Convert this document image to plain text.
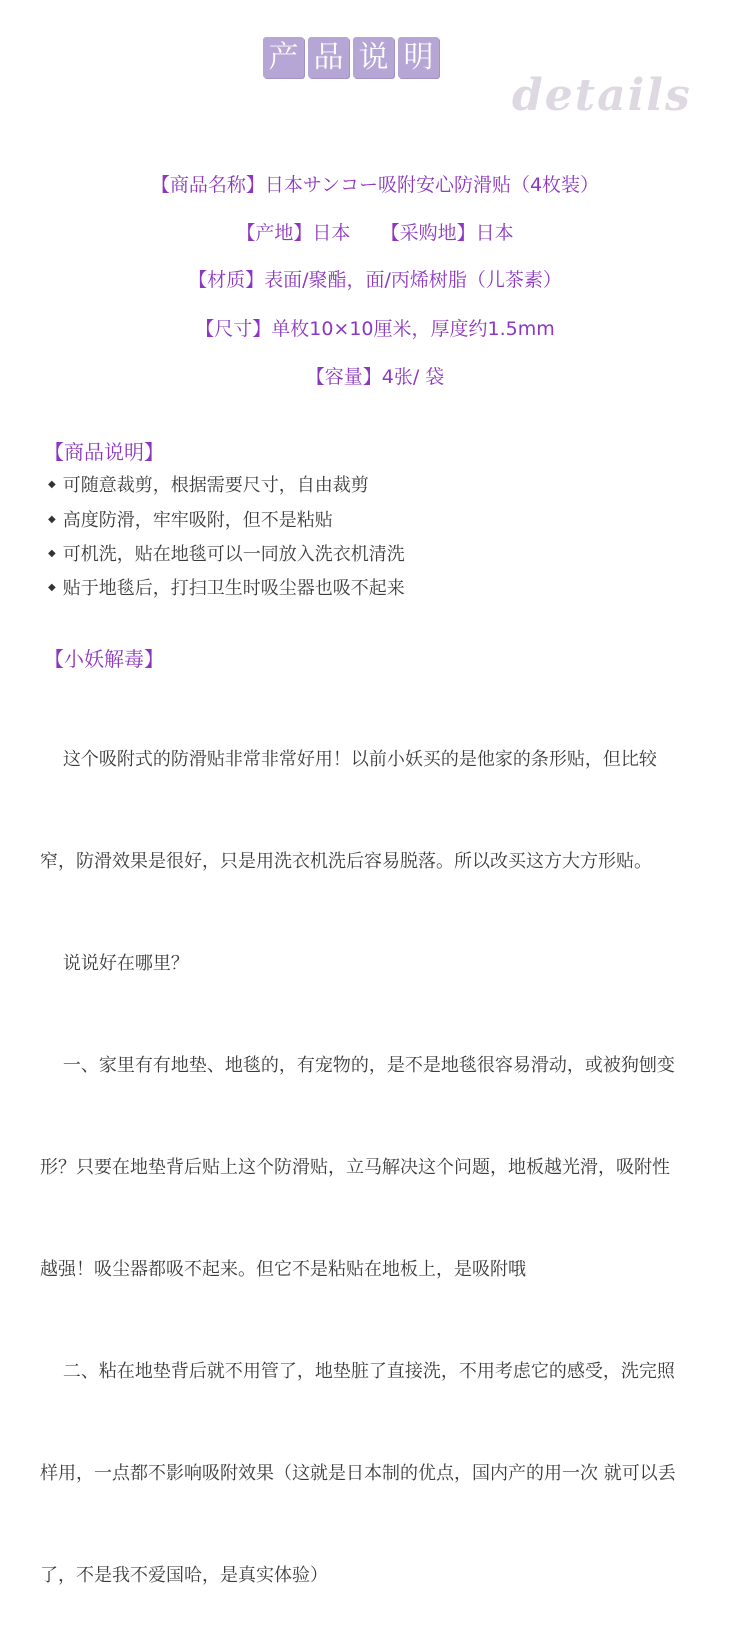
产 品 说 明
details
【商品名称】日本サンコー吸附安心防滑贴（4枚装）
【产地】日本     【采购地】日本
【材质】表面/聚酯，面/丙烯树脂（儿茶素）
【尺寸】单枚10×10厘米，厚度约1.5mm
【容量】4张/ 袋
【商品说明】
◆ 可随意裁剪，根据需要尺寸，自由裁剪
◆ 高度防滑，牢牢吸附，但不是粘贴
◆ 可机洗，贴在地毯可以一同放入洗衣机清洗
◆ 贴于地毯后，打扫卫生时吸尘器也吸不起来
【小妖解毒】

这个吸附式的防滑贴非常非常好用！以前小妖买的是他家的条形贴，但比较

窄，防滑效果是很好，只是用洗衣机洗后容易脱落。所以改买这方大方形贴。

说说好在哪里？

一、家里有有地垫、地毯的，有宠物的，是不是地毯很容易滑动，或被狗刨变

形？只要在地垫背后贴上这个防滑贴，立马解决这个问题，地板越光滑，吸附性

越强！吸尘器都吸不起来。但它不是粘贴在地板上，是吸附哦

二、粘在地垫背后就不用管了，地垫脏了直接洗，不用考虑它的感受，洗完照

样用，一点都不影响吸附效果（这就是日本制的优点，国内产的用一次 就可以丢

了，不是我不爱国哈，是真实体验）
